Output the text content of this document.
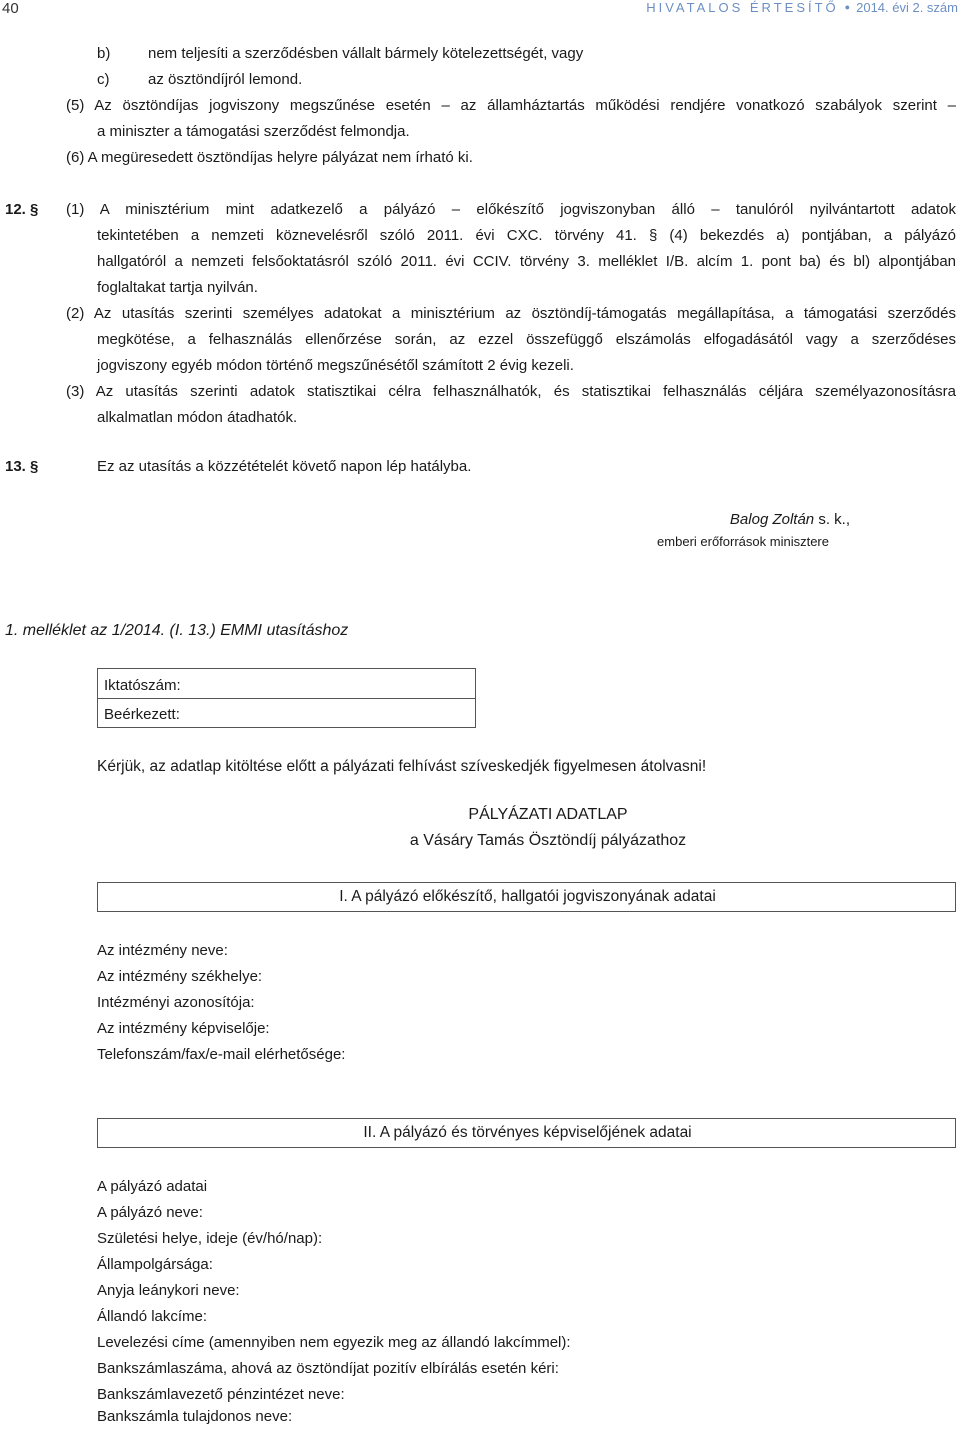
40	HIVATALOS ÉRTESÍTŐ ● 2014. évi 2. szám
b)	nem teljesíti a szerződésben vállalt bármely kötelezettségét, vagy
c)	az ösztöndíjról lemond.
(5) Az ösztöndíjas jogviszony megszűnése esetén – az államháztartás működési rendjére vonatkozó szabályok szerint –
a miniszter a támogatási szerződést felmondja.
(6) A megüresedett ösztöndíjas helyre pályázat nem írható ki.
12. § (1) A minisztérium mint adatkezelő a pályázó – előkészítő jogviszonyban álló – tanulóról nyilvántartott adatok
tekintetében a nemzeti köznevelésről szóló 2011. évi CXC. törvény 41. § (4) bekezdés a) pontjában, a pályázó
hallgatóról a nemzeti felsőoktatásról szóló 2011. évi CCIV. törvény 3. melléklet I/B. alcím 1. pont ba) és bl) alpontjában
foglaltakat tartja nyilván.
(2) Az utasítás szerinti személyes adatokat a minisztérium az ösztöndíj-támogatás megállapítása, a támogatási szerződés
megkötése, a felhasználás ellenőrzése során, az ezzel összefüggő elszámolás elfogadásától vagy a szerződéses
jogviszony egyéb módon történő megszűnésétől számított 2 évig kezeli.
(3) Az utasítás szerinti adatok statisztikai célra felhasználhatók, és statisztikai felhasználás céljára személyazonosításra
alkalmatlan módon átadhatók.
13. §	Ez az utasítás a közzétételét követő napon lép hatályba.
Balog Zoltán s. k.,
emberi erőforrások minisztere
1. melléklet az 1/2014. (I. 13.) EMMI utasításhoz
Iktatószám:
Beérkezett:
Kérjük, az adatlap kitöltése előtt a pályázati felhívást szíveskedjék figyelmesen átolvasni!
PÁLYÁZATI ADATLAP
a Vásáry Tamás Ösztöndíj pályázathoz
I. A pályázó előkészítő, hallgatói jogviszonyának adatai
Az intézmény neve:
Az intézmény székhelye:
Intézményi azonosítója:
Az intézmény képviselője:
Telefonszám/fax/e-mail elérhetősége:
II. A pályázó és törvényes képviselőjének adatai
A pályázó adatai
A pályázó neve:
Születési helye, ideje (év/hó/nap):
Állampolgársága:
Anyja leánykori neve:
Állandó lakcíme:
Levelezési címe (amennyiben nem egyezik meg az állandó lakcímmel):
Bankszámlaszáma, ahová az ösztöndíjat pozitív elbírálás esetén kéri:
Bankszámlavezető pénzintézet neve:
Bankszámla tulajdonos neve:
